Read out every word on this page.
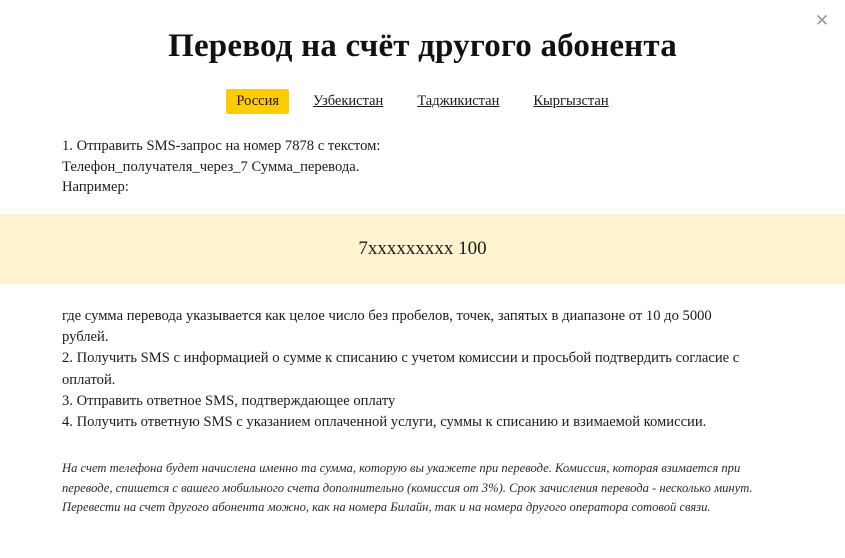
✕
Перевод на счёт другого абонента
Россия	Узбекистан	Таджикистан	Кыргызстан

1. Отправить SMS-запрос на номер 7878 с текстом:

Телефон_получателя_через_7 Сумма_перевода.

Например:

7xxxxxxxxx 100

где сумма перевода указывается как целое число без пробелов, точек, запятых в диапазоне от 10 до 5000

рублей.

2. Получить SMS с информацией о сумме к списанию с учетом комиссии и просьбой подтвердить согласие с

оплатой.

3. Отправить ответное SMS, подтверждающее оплату

4. Получить ответную SMS с указанием оплаченной услуги, суммы к списанию и взимаемой комиссии.

На счет телефона будет начислена именно та сумма, которую вы укажете при переводе. Комиссия, которая взимается при переводе, спишется с вашего мобильного счета дополнительно (комиссия от 3%). Срок зачисления перевода - несколько минут. Перевести на счет другого абонента можно, как на номера Билайн, так и на номера другого оператора сотовой связи.
